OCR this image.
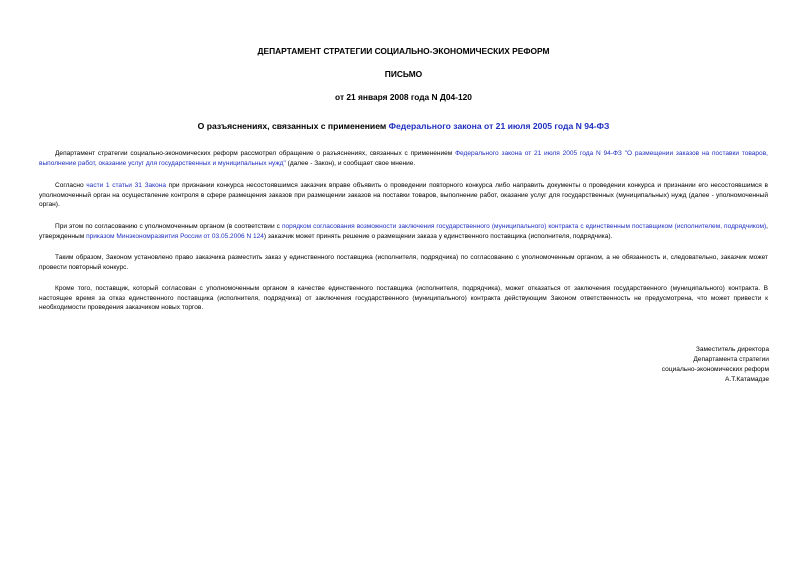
ДЕПАРТАМЕНТ СТРАТЕГИИ СОЦИАЛЬНО-ЭКОНОМИЧЕСКИХ РЕФОРМ
ПИСЬМО
от 21 января 2008 года N Д04-120
О разъяснениях, связанных с применением Федерального закона от 21 июля 2005 года N 94-ФЗ

Департамент стратегии социально-экономических реформ рассмотрел обращение о разъяснениях, связанных с применением Федерального закона от 21 июля 2005 года N 94-ФЗ "О размещении заказов на поставки товаров, выполнение работ, оказание услуг для государственных и муниципальных нужд" (далее - Закон), и сообщает свое мнение.

Согласно части 1 статьи 31 Закона при признании конкурса несостоявшимся заказчик вправе объявить о проведении повторного конкурса либо направить документы о проведении конкурса и признании его несостоявшимся в уполномоченный орган на осуществление контроля в сфере размещения заказов при размещении заказов на поставки товаров, выполнение работ, оказание услуг для государственных (муниципальных) нужд (далее - уполномоченный орган).

При этом по согласованию с уполномоченным органом (в соответствии с порядком согласования возможности заключения государственного (муниципального) контракта с единственным поставщиком (исполнителем, подрядчиком), утвержденным приказом Минэкономразвития России от 03.05.2006 N 124) заказчик может принять решение о размещении заказа у единственного поставщика (исполнителя, подрядчика).

Таким образом, Законом установлено право заказчика разместить заказ у единственного поставщика (исполнителя, подрядчика) по согласованию с уполномоченным органом, а не обязанность и, следовательно, заказчик может провести повторный конкурс.

Кроме того, поставщик, который согласован с уполномоченным органом в качестве единственного поставщика (исполнителя, подрядчика), может отказаться от заключения государственного (муниципального) контракта. В настоящее время за отказ единственного поставщика (исполнителя, подрядчика) от заключения государственного (муниципального) контракта действующим Законом ответственность не предусмотрена, что может привести к необходимости проведения заказчиком новых торгов.

Заместитель директора
Департамента стратегии
социально-экономических реформ
А.Т.Катамадзе
